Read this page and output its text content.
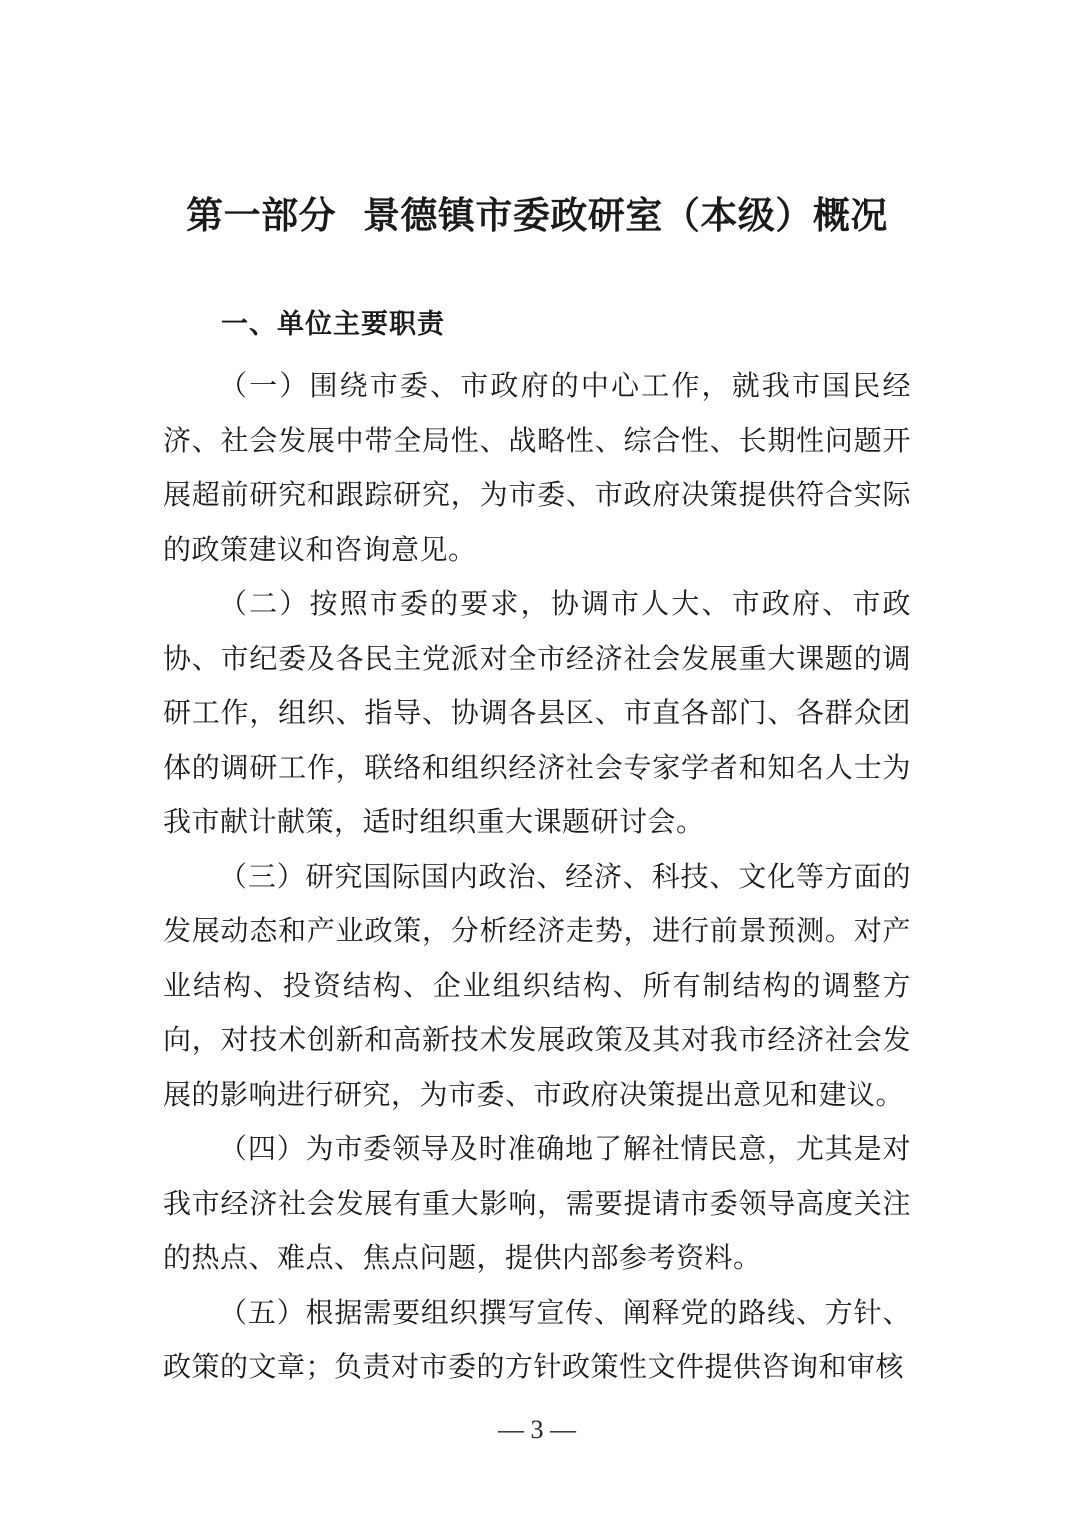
第一部分  景德镇市委政研室（本级）概况
一、单位主要职责

（一）围绕市委、市政府的中心工作，就我市国民经济、社会发展中带全局性、战略性、综合性、长期性问题开展超前研究和跟踪研究，为市委、市政府决策提供符合实际的政策建议和咨询意见。

（二）按照市委的要求，协调市人大、市政府、市政协、市纪委及各民主党派对全市经济社会发展重大课题的调研工作，组织、指导、协调各县区、市直各部门、各群众团体的调研工作，联络和组织经济社会专家学者和知名人士为我市献计献策，适时组织重大课题研讨会。

（三）研究国际国内政治、经济、科技、文化等方面的发展动态和产业政策，分析经济走势，进行前景预测。对产业结构、投资结构、企业组织结构、所有制结构的调整方向，对技术创新和高新技术发展政策及其对我市经济社会发展的影响进行研究，为市委、市政府决策提出意见和建议。

（四）为市委领导及时准确地了解社情民意，尤其是对我市经济社会发展有重大影响，需要提请市委领导高度关注的热点、难点、焦点问题，提供内部参考资料。

（五）根据需要组织撰写宣传、阐释党的路线、方针、政策的文章；负责对市委的方针政策性文件提供咨询和审核

— 3 —
